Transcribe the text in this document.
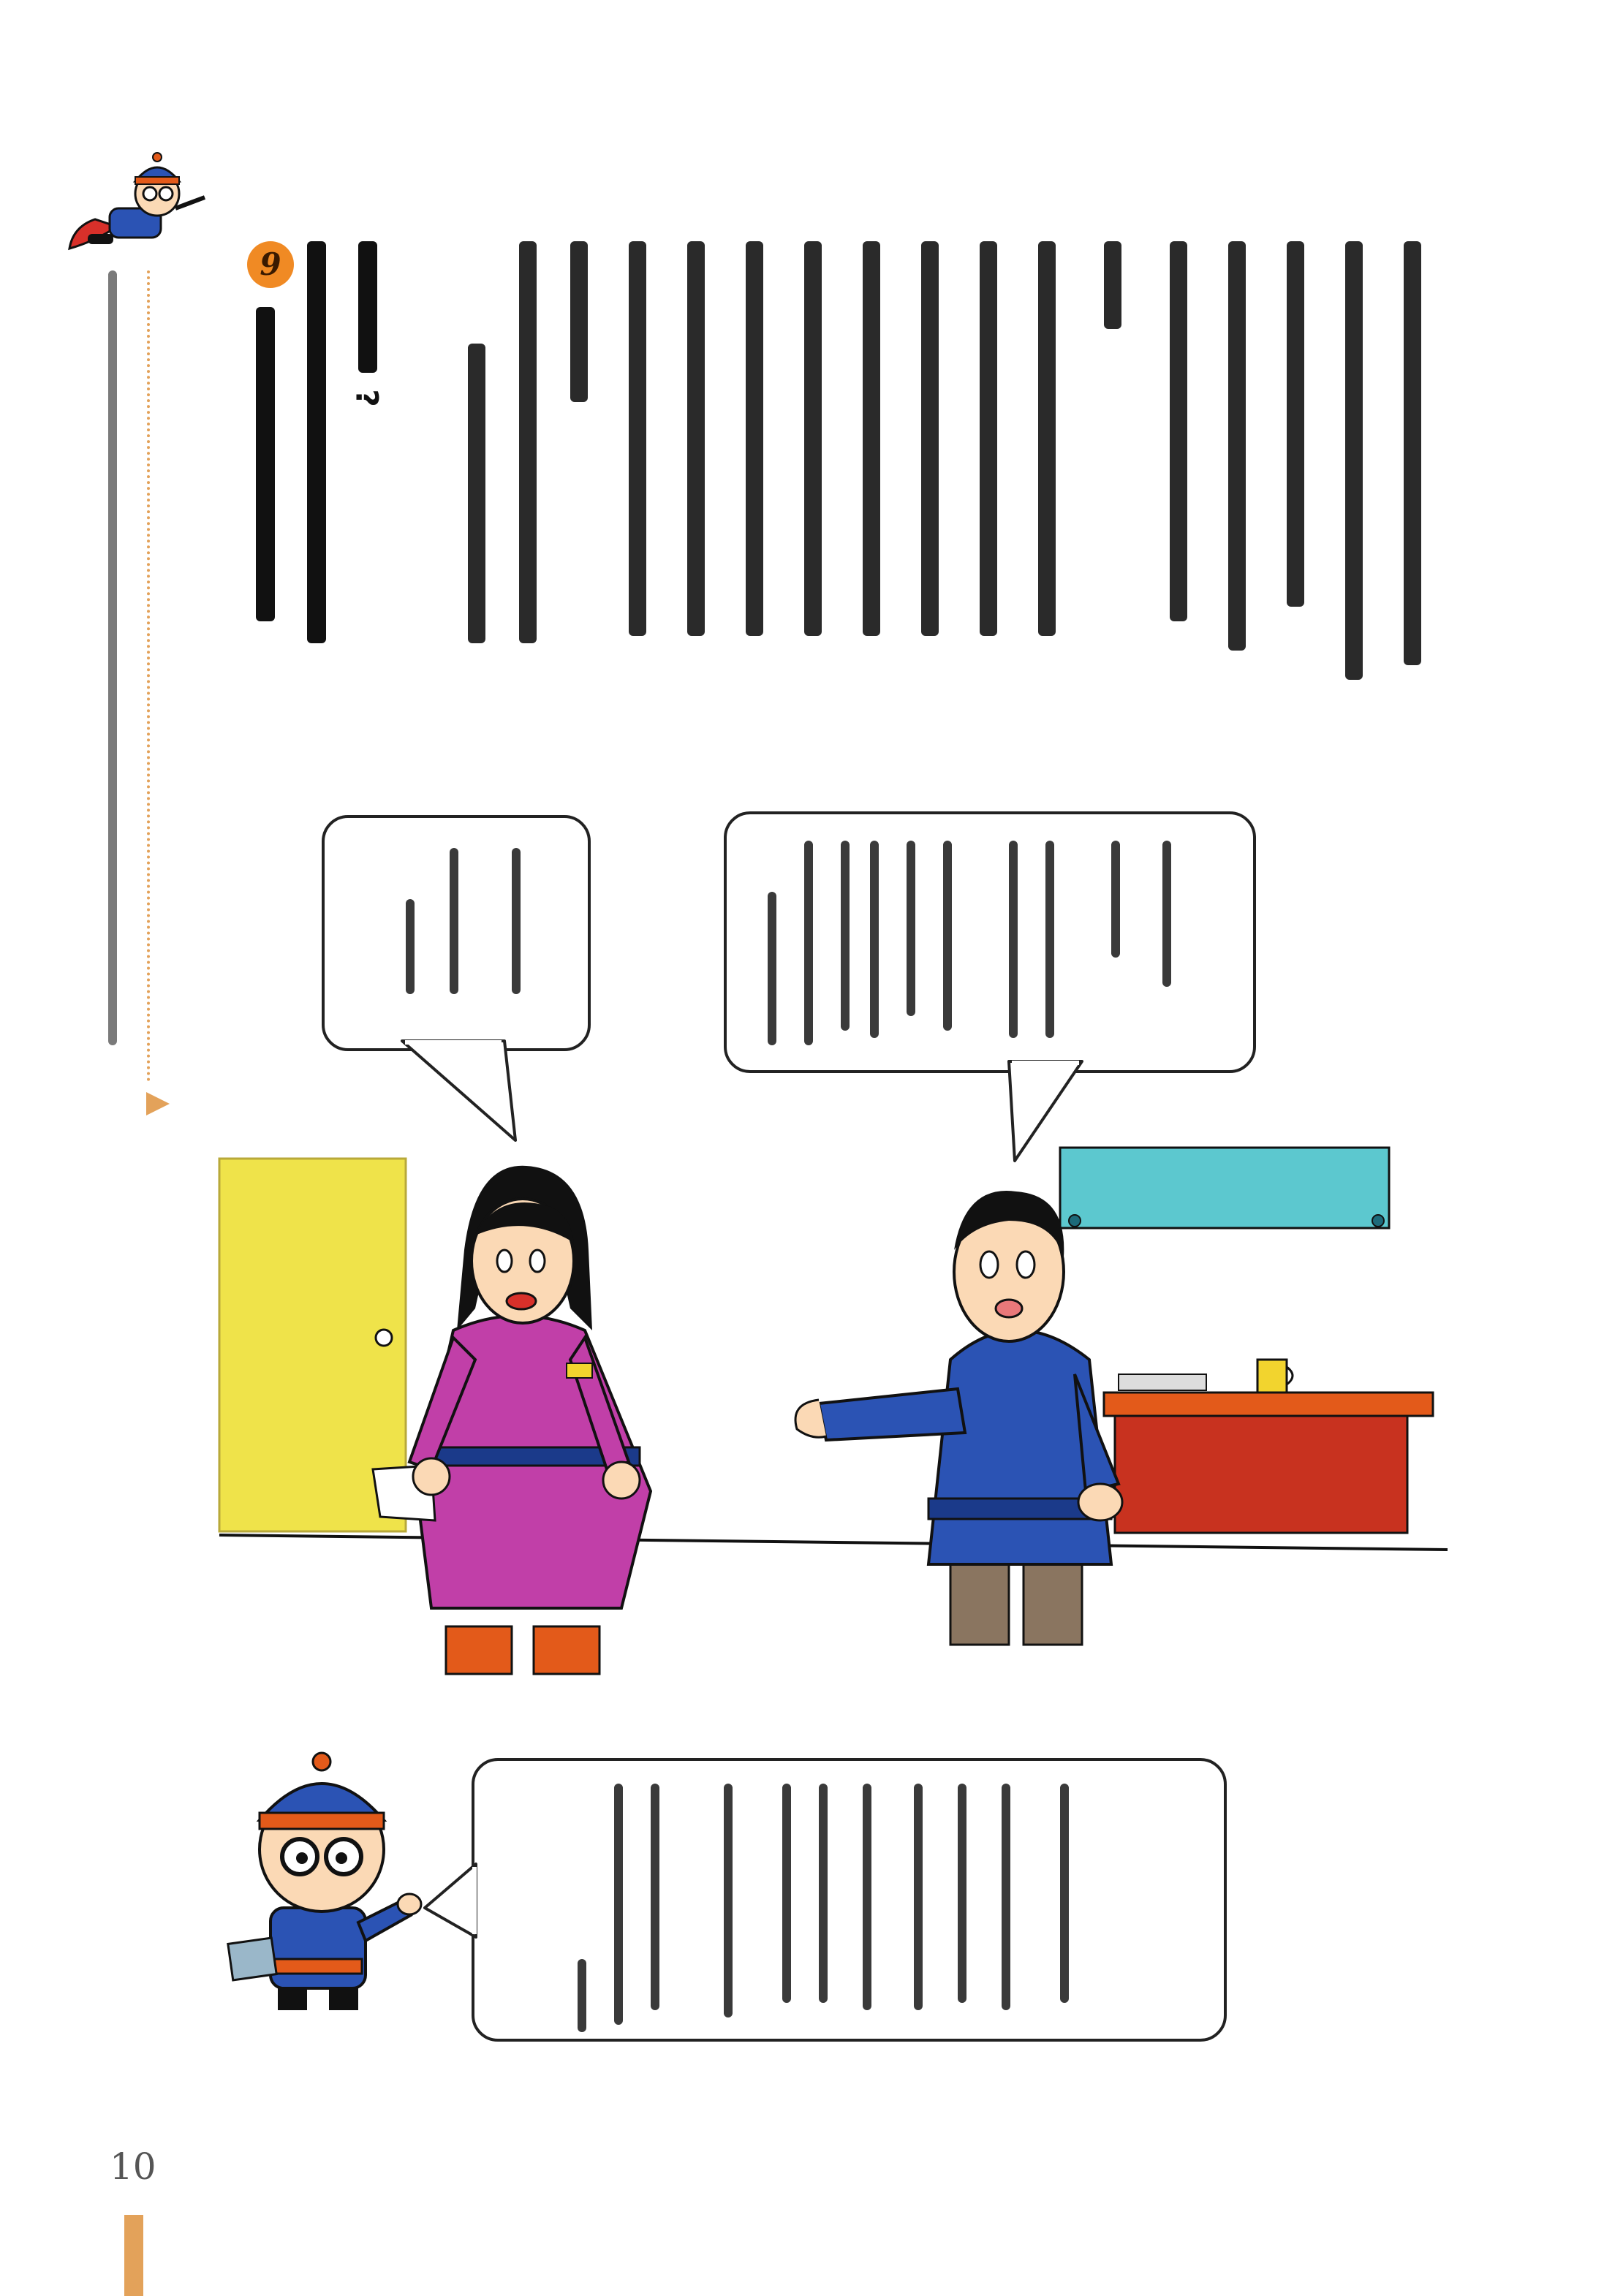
9
?
10
